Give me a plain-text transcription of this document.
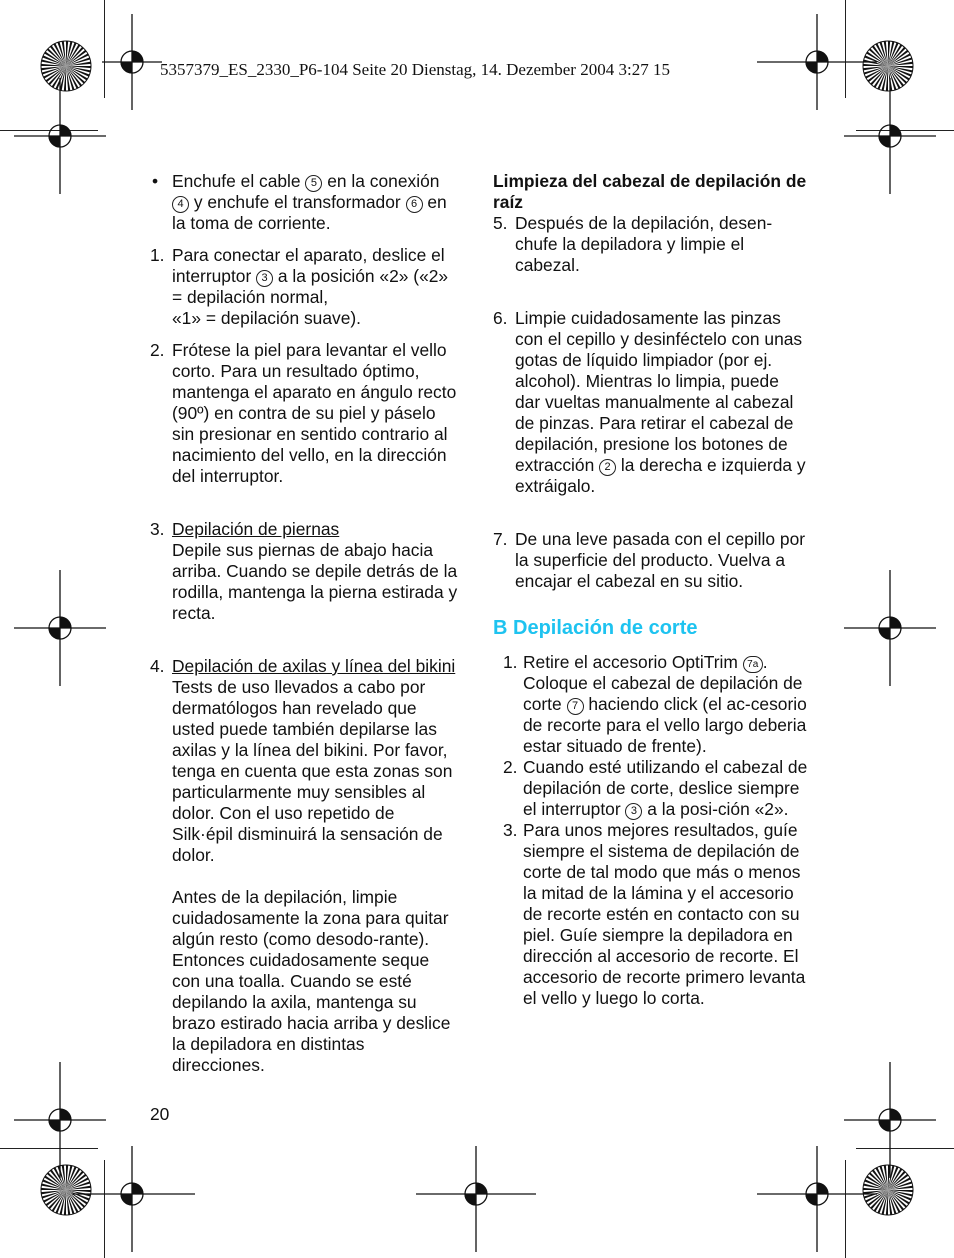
5357379_ES_2330_P6-104 Seite 20 Dienstag, 14. Dezember 2004 3:27 15
• Enchufe el cable 5 en la conexión 4 y enchufe el transformador 6 en la toma de corriente.

1. Para conectar el aparato, deslice el interruptor 3 a la posición «2» («2» = depilación normal,
«1» = depilación suave).

2. Frótese la piel para levantar el vello corto. Para un resultado óptimo, mantenga el aparato en ángulo recto (90º) en contra de su piel y páselo sin presionar en sentido contrario al nacimiento del vello, en la dirección del interruptor.

3. Depilación de piernas

Depile sus piernas de abajo hacia arriba. Cuando se depile detrás de la rodilla, mantenga la pierna estirada y recta.

4. Depilación de axilas y línea del bikini

Tests de uso llevados a cabo por dermatólogos han revelado que usted puede también depilarse las axilas y la línea del bikini. Por favor, tenga en cuenta que esta zonas son particularmente muy sensibles al dolor. Con el uso repetido de Silk·épil disminuirá la sensación de dolor.

Antes de la depilación, limpie cuidadosamente la zona para quitar algún resto (como desodo-rante). Entonces cuidadosamente seque con una toalla. Cuando se esté depilando la axila, mantenga su brazo estirado hacia arriba y deslice la depiladora en distintas direcciones.

Limpieza del cabezal de depilación de raíz

5. Después de la depilación, desen-chufe la depiladora y limpie el cabezal.

6. Limpie cuidadosamente las pinzas con el cepillo y desinféctelo con unas gotas de líquido limpiador (por ej. alcohol). Mientras lo limpia, puede dar vueltas manualmente al cabezal de pinzas. Para retirar el cabezal de depilación, presione los botones de extracción 2 la derecha e izquierda y extráigalo.

7. De una leve pasada con el cepillo por la superficie del producto. Vuelva a encajar el cabezal en su sitio.

B Depilación de corte

1. Retire el accesorio OptiTrim 7a . Coloque el cabezal de depilación de corte 7 haciendo click (el ac-cesorio de recorte para el vello largo deberia estar situado de frente).

2. Cuando esté utilizando el cabezal de depilación de corte, deslice siempre el interruptor 3 a la posi-ción «2».

3. Para unos mejores resultados, guíe siempre el sistema de depilación de corte de tal modo que más o menos la mitad de la lámina y el accesorio de recorte estén en contacto con su piel. Guíe siempre la depiladora en dirección al accesorio de recorte. El accesorio de recorte primero levanta el vello y luego lo corta.

20
